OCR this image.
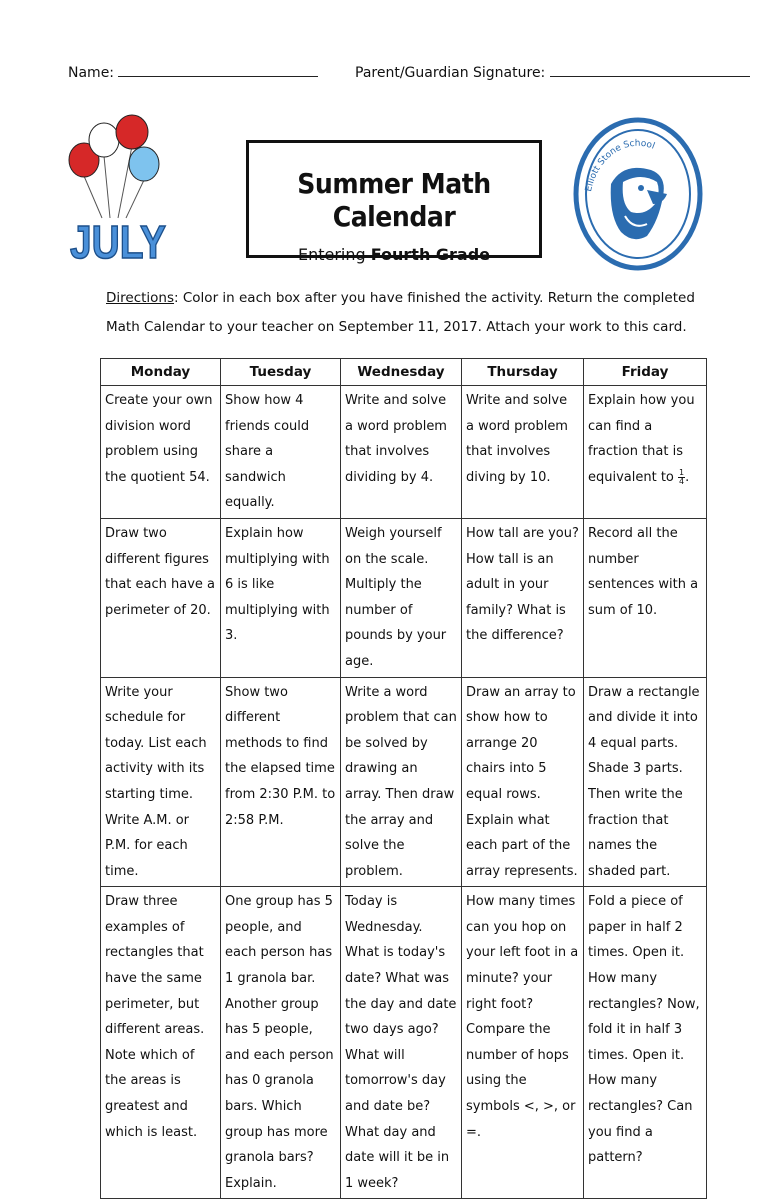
Name:	Parent/Guardian Signature:
JULY
Summer Math Calendar
Entering Fourth Grade
Elliott Stone School
Directions: Color in each box after you have finished the activity. Return the completed Math Calendar to your teacher on September 11, 2017. Attach your work to this card.
Monday	Tuesday	Wednesday	Thursday	Friday
Create your own division word problem using the quotient 54.	Show how 4 friends could share a sandwich equally.	Write and solve a word problem that involves dividing by 4.	Write and solve a word problem that involves diving by 10.	Explain how you can find a fraction that is equivalent to $\frac{1}{4}$ .
Draw two different figures that each have a perimeter of 20.	Explain how multiplying with 6 is like multiplying with 3.	Weigh yourself on the scale. Multiply the number of pounds by your age.	How tall are you? How tall is an adult in your family? What is the difference?	Record all the number sentences with a sum of 10.
Write your schedule for today. List each activity with its starting time. Write A.M. or P.M. for each time.	Show two different methods to find the elapsed time from 2:30 P.M. to 2:58 P.M.	Write a word problem that can be solved by drawing an array. Then draw the array and solve the problem.	Draw an array to show how to arrange 20 chairs into 5 equal rows. Explain what each part of the array represents.	Draw a rectangle and divide it into 4 equal parts. Shade 3 parts. Then write the fraction that names the shaded part.
Draw three examples of rectangles that have the same perimeter, but different areas. Note which of the areas is greatest and which is least.	One group has 5 people, and each person has 1 granola bar. Another group has 5 people, and each person has 0 granola bars. Which group has more granola bars? Explain.	Today is Wednesday. What is today's date? What was the day and date two days ago? What will tomorrow's day and date be? What day and date will it be in 1 week?	How many times can you hop on your left foot in a minute? your right foot? Compare the number of hops using the symbols <, >, or =.	Fold a piece of paper in half 2 times. Open it. How many rectangles? Now, fold it in half 3 times. Open it. How many rectangles? Can you find a pattern?
